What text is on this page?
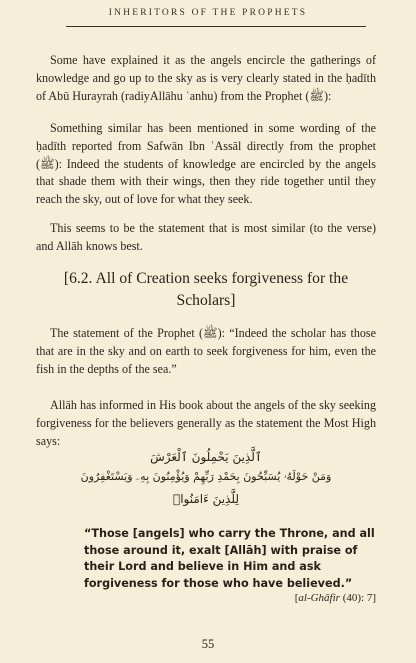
INHERITORS OF THE PROPHETS
Some have explained it as the angels encircle the gatherings of knowledge and go up to the sky as is very clearly stated in the ḥadīth of Abū Hurayrah (radiyAllāhu ʿanhu) from the Prophet (ﷺ):
Something similar has been mentioned in some wording of the ḥadīth reported from Safwān Ibn ʿAssāl directly from the prophet (ﷺ): Indeed the students of knowledge are encircled by the angels that shade them with their wings, then they ride together until they reach the sky, out of love for what they seek.
This seems to be the statement that is most similar (to the verse) and Allāh knows best.
[6.2. All of Creation seeks forgiveness for the Scholars]
The statement of the Prophet (ﷺ): “Indeed the scholar has those that are in the sky and on earth to seek forgiveness for him, even the fish in the depths of the sea.”
Allāh has informed in His book about the angels of the sky seeking forgiveness for the believers generally as the statement the Most High says:
ٱلَّذِينَ يَحْمِلُونَ ٱلْعَرْشَ
وَمَنْ حَوْلَهُۥ يُسَبِّحُونَ بِحَمْدِ رَبِّهِمْ وَيُؤْمِنُونَ بِهِۦ وَيَسْتَغْفِرُونَ
لِلَّذِينَ ءَامَنُوا۟
“Those [angels] who carry the Throne, and all those around it, exalt [Allāh] with praise of their Lord and believe in Him and ask forgiveness for those who have believed.”
[al-Ghāfir (40): 7]
55
